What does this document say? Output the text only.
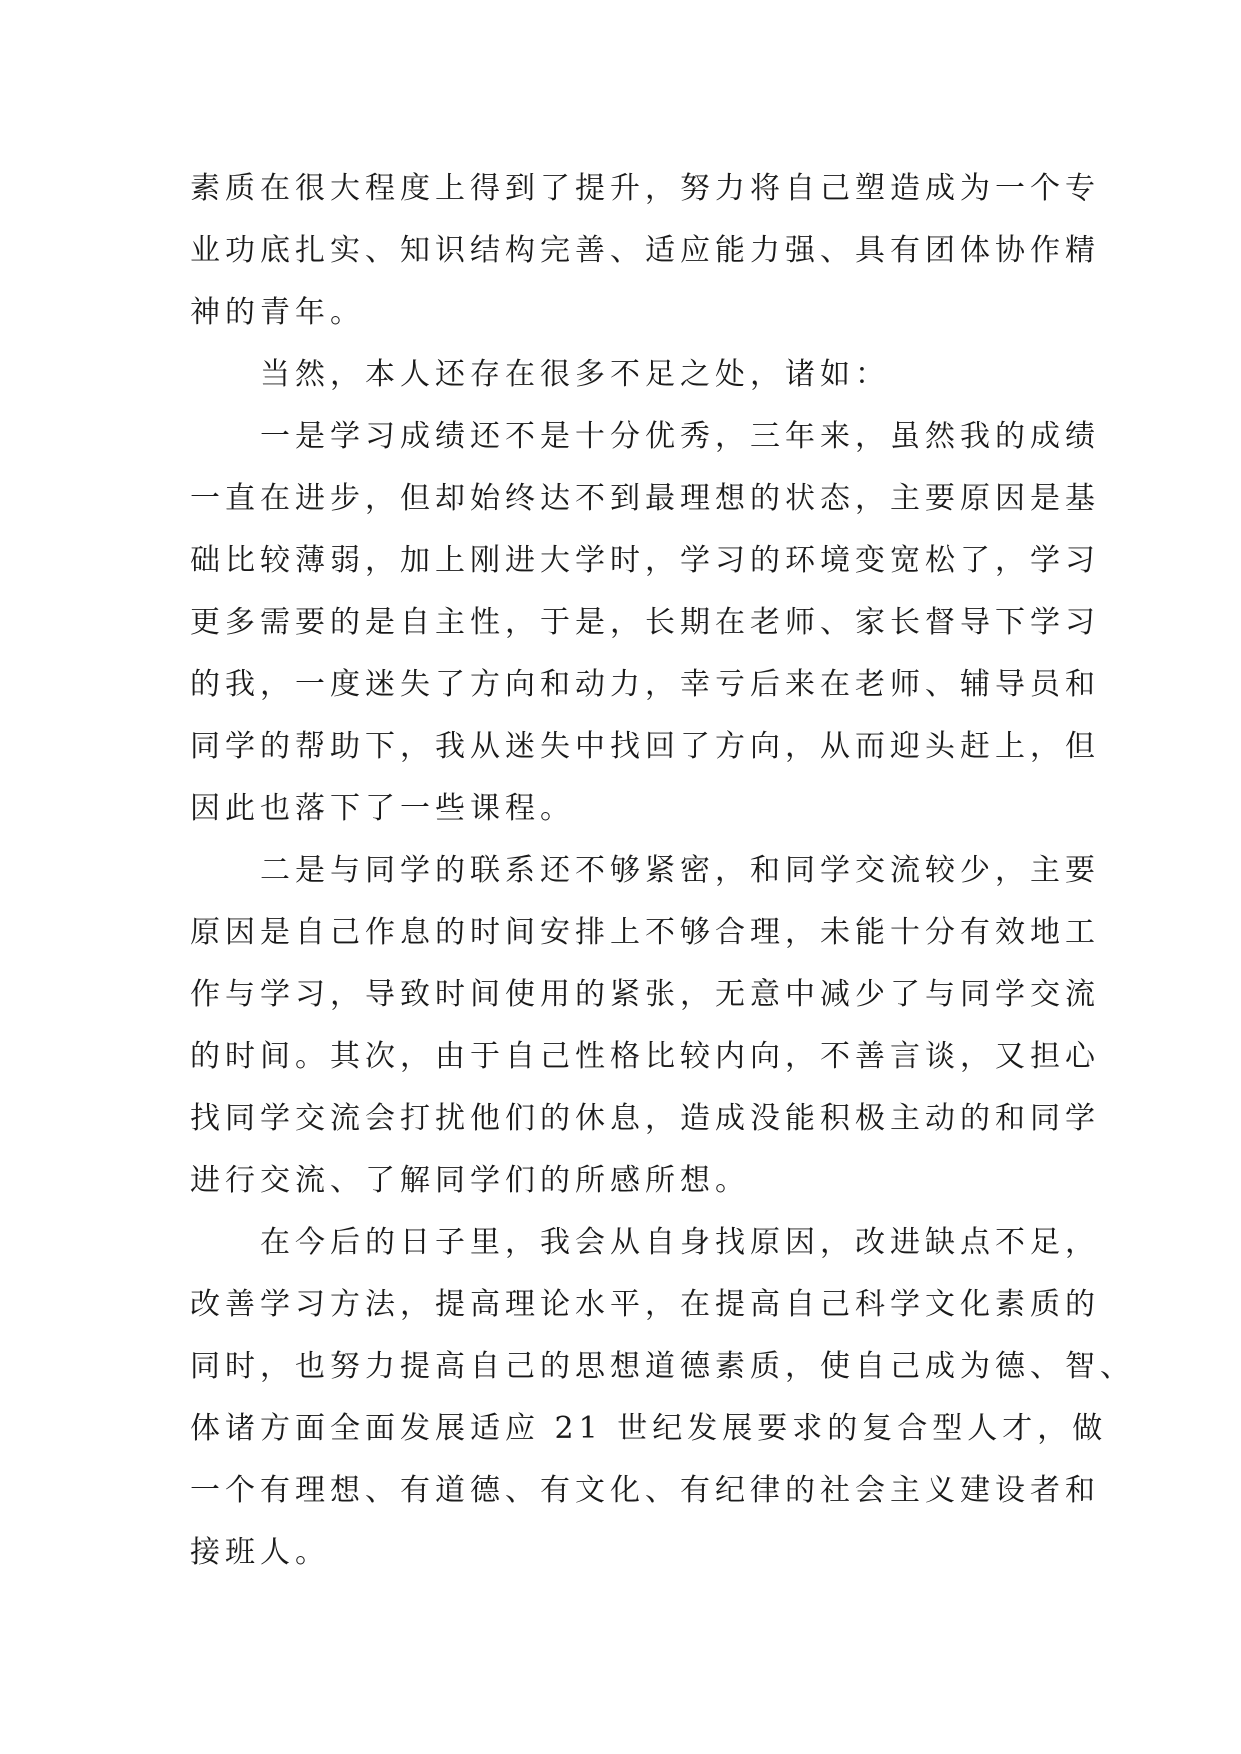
素质在很大程度上得到了提升，努力将自己塑造成为一个专
业功底扎实、知识结构完善、适应能力强、具有团体协作精
神的青年。
当然，本人还存在很多不足之处，诸如：
一是学习成绩还不是十分优秀，三年来，虽然我的成绩
一直在进步，但却始终达不到最理想的状态，主要原因是基
础比较薄弱，加上刚进大学时，学习的环境变宽松了，学习
更多需要的是自主性，于是，长期在老师、家长督导下学习
的我，一度迷失了方向和动力，幸亏后来在老师、辅导员和
同学的帮助下，我从迷失中找回了方向，从而迎头赶上，但
因此也落下了一些课程。
二是与同学的联系还不够紧密，和同学交流较少，主要
原因是自己作息的时间安排上不够合理，未能十分有效地工
作与学习，导致时间使用的紧张，无意中减少了与同学交流
的时间。其次，由于自己性格比较内向，不善言谈，又担心
找同学交流会打扰他们的休息，造成没能积极主动的和同学
进行交流、了解同学们的所感所想。
在今后的日子里，我会从自身找原因，改进缺点不足，
改善学习方法，提高理论水平，在提高自己科学文化素质的
同时，也努力提高自己的思想道德素质，使自己成为德、智、
体诸方面全面发展适应 21 世纪发展要求的复合型人才，做
一个有理想、有道德、有文化、有纪律的社会主义建设者和
接班人。
